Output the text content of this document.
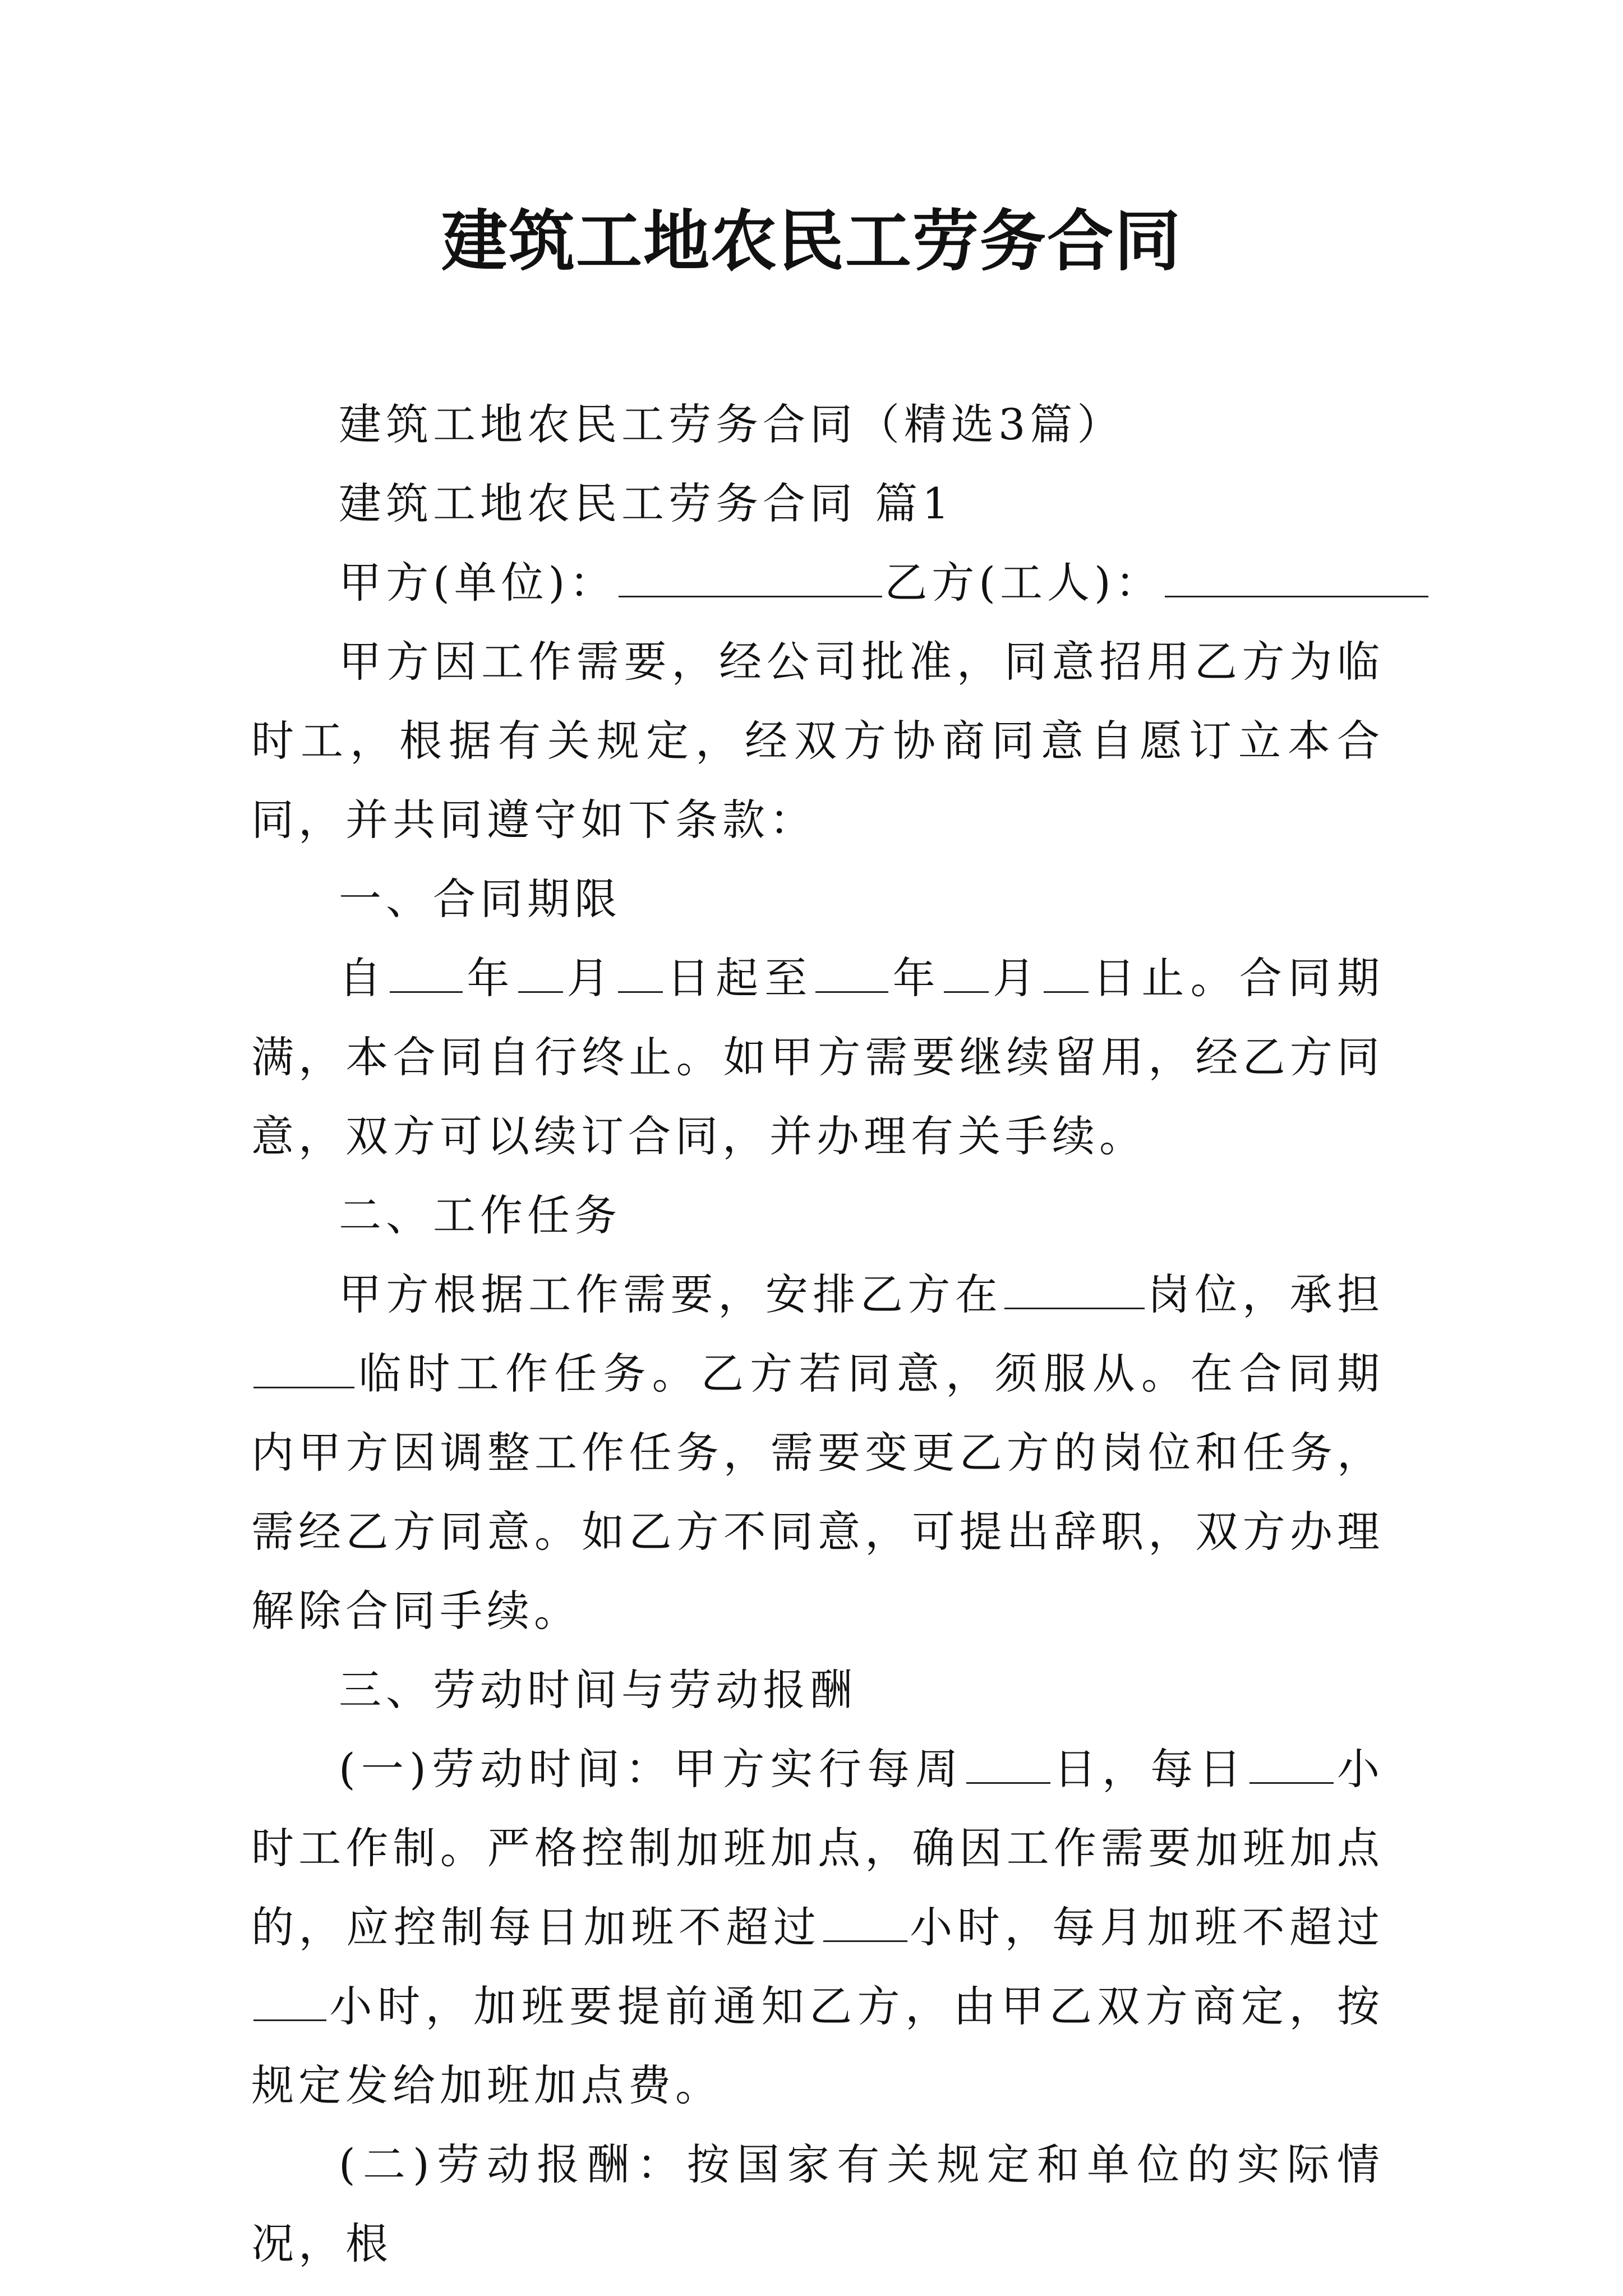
建筑工地农民工劳务合同

建筑工地农民工劳务合同（精选3篇）

建筑工地农民工劳务合同 篇1

甲方(单位)：	乙方(工人)：

甲方因工作需要，经公司批准，同意招用乙方为临时工，根据有关规定，经双方协商同意自愿订立本合同，并共同遵守如下条款：

一、合同期限

自 年 月 日起至 年 月 日止。合同期满，本合同自行终止。如甲方需要继续留用，经乙方同意，双方可以续订合同，并办理有关手续。

二、工作任务

甲方根据工作需要，安排乙方在	岗位，承担临时工作任务。乙方若同意，须服从。在合同期内甲方因调整工作任务，需要变更乙方的岗位和任务，需经乙方同意。如乙方不同意，可提出辞职，双方办理解除合同手续。

三、劳动时间与劳动报酬

(一)劳动时间：甲方实行每周 日，每日 小时工作制。严格控制加班加点，确因工作需要加班加点的，应控制每日加班不超过 小时，每月加班不超过小时，加班要提前通知乙方，由甲乙双方商定，按规定发给加班加点费。

(二)劳动报酬：按国家有关规定和单位的实际情况，根
